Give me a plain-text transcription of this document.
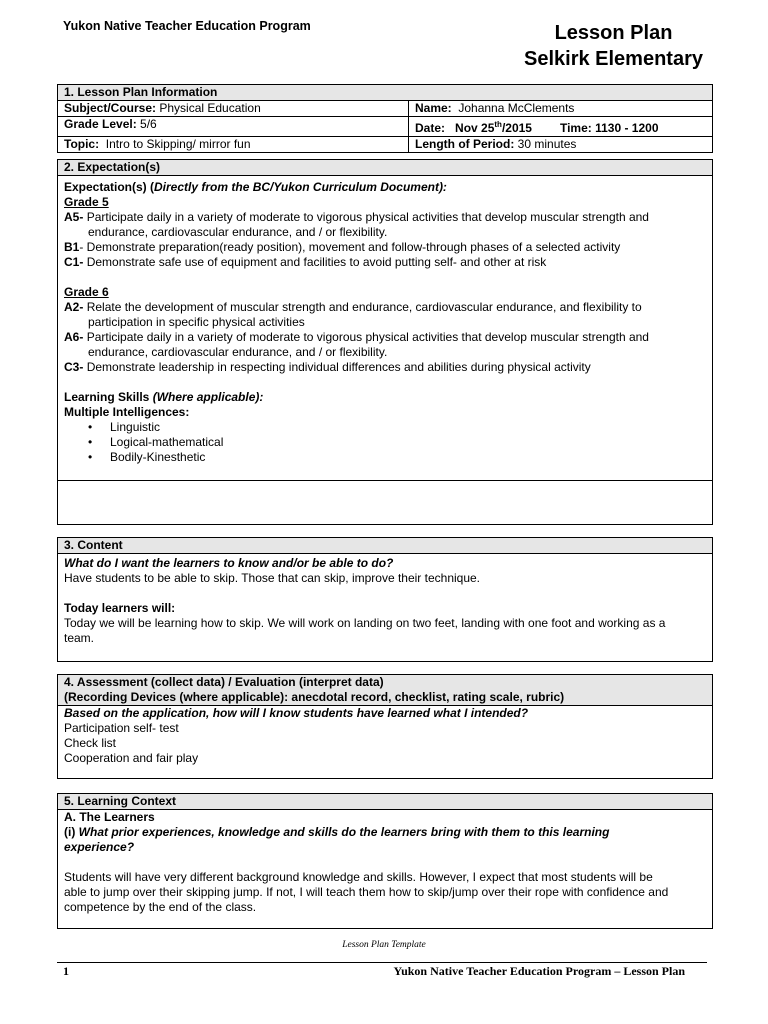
Yukon Native Teacher Education Program	Lesson Plan
Selkirk Elementary
1. Lesson Plan Information
Subject/Course: Physical Education	Name: Johanna McClements
Grade Level: 5/6	Date: Nov 25th/2015 Time: 1130 - 1200
Topic: Intro to Skipping/ mirror fun	Length of Period: 30 minutes
2. Expectation(s)
Expectation(s) (Directly from the BC/Yukon Curriculum Document):
Grade 5
A5- Participate daily in a variety of moderate to vigorous physical activities that develop muscular strength and
endurance, cardiovascular endurance, and / or flexibility.
B1- Demonstrate preparation(ready position), movement and follow-through phases of a selected activity
C1- Demonstrate safe use of equipment and facilities to avoid putting self- and other at risk
Grade 6
A2- Relate the development of muscular strength and endurance, cardiovascular endurance, and flexibility to
participation in specific physical activities
A6- Participate daily in a variety of moderate to vigorous physical activities that develop muscular strength and
endurance, cardiovascular endurance, and / or flexibility.
C3- Demonstrate leadership in respecting individual differences and abilities during physical activity
Learning Skills (Where applicable):
Multiple Intelligences:
•	Linguistic
•	Logical-mathematical
•	Bodily-Kinesthetic
3. Content
What do I want the learners to know and/or be able to do?
Have students to be able to skip. Those that can skip, improve their technique.
Today learners will:
Today we will be learning how to skip. We will work on landing on two feet, landing with one foot and working as a
team.
4. Assessment (collect data) / Evaluation (interpret data)
(Recording Devices (where applicable): anecdotal record, checklist, rating scale, rubric)
Based on the application, how will I know students have learned what I intended?
Participation self- test
Check list
Cooperation and fair play
5. Learning Context
A. The Learners
(i) What prior experiences, knowledge and skills do the learners bring with them to this learning
experience?
Students will have very different background knowledge and skills. However, I expect that most students will be
able to jump over their skipping jump. If not, I will teach them how to skip/jump over their rope with confidence and
competence by the end of the class.
Lesson Plan Template
1	Yukon Native Teacher Education Program – Lesson Plan
